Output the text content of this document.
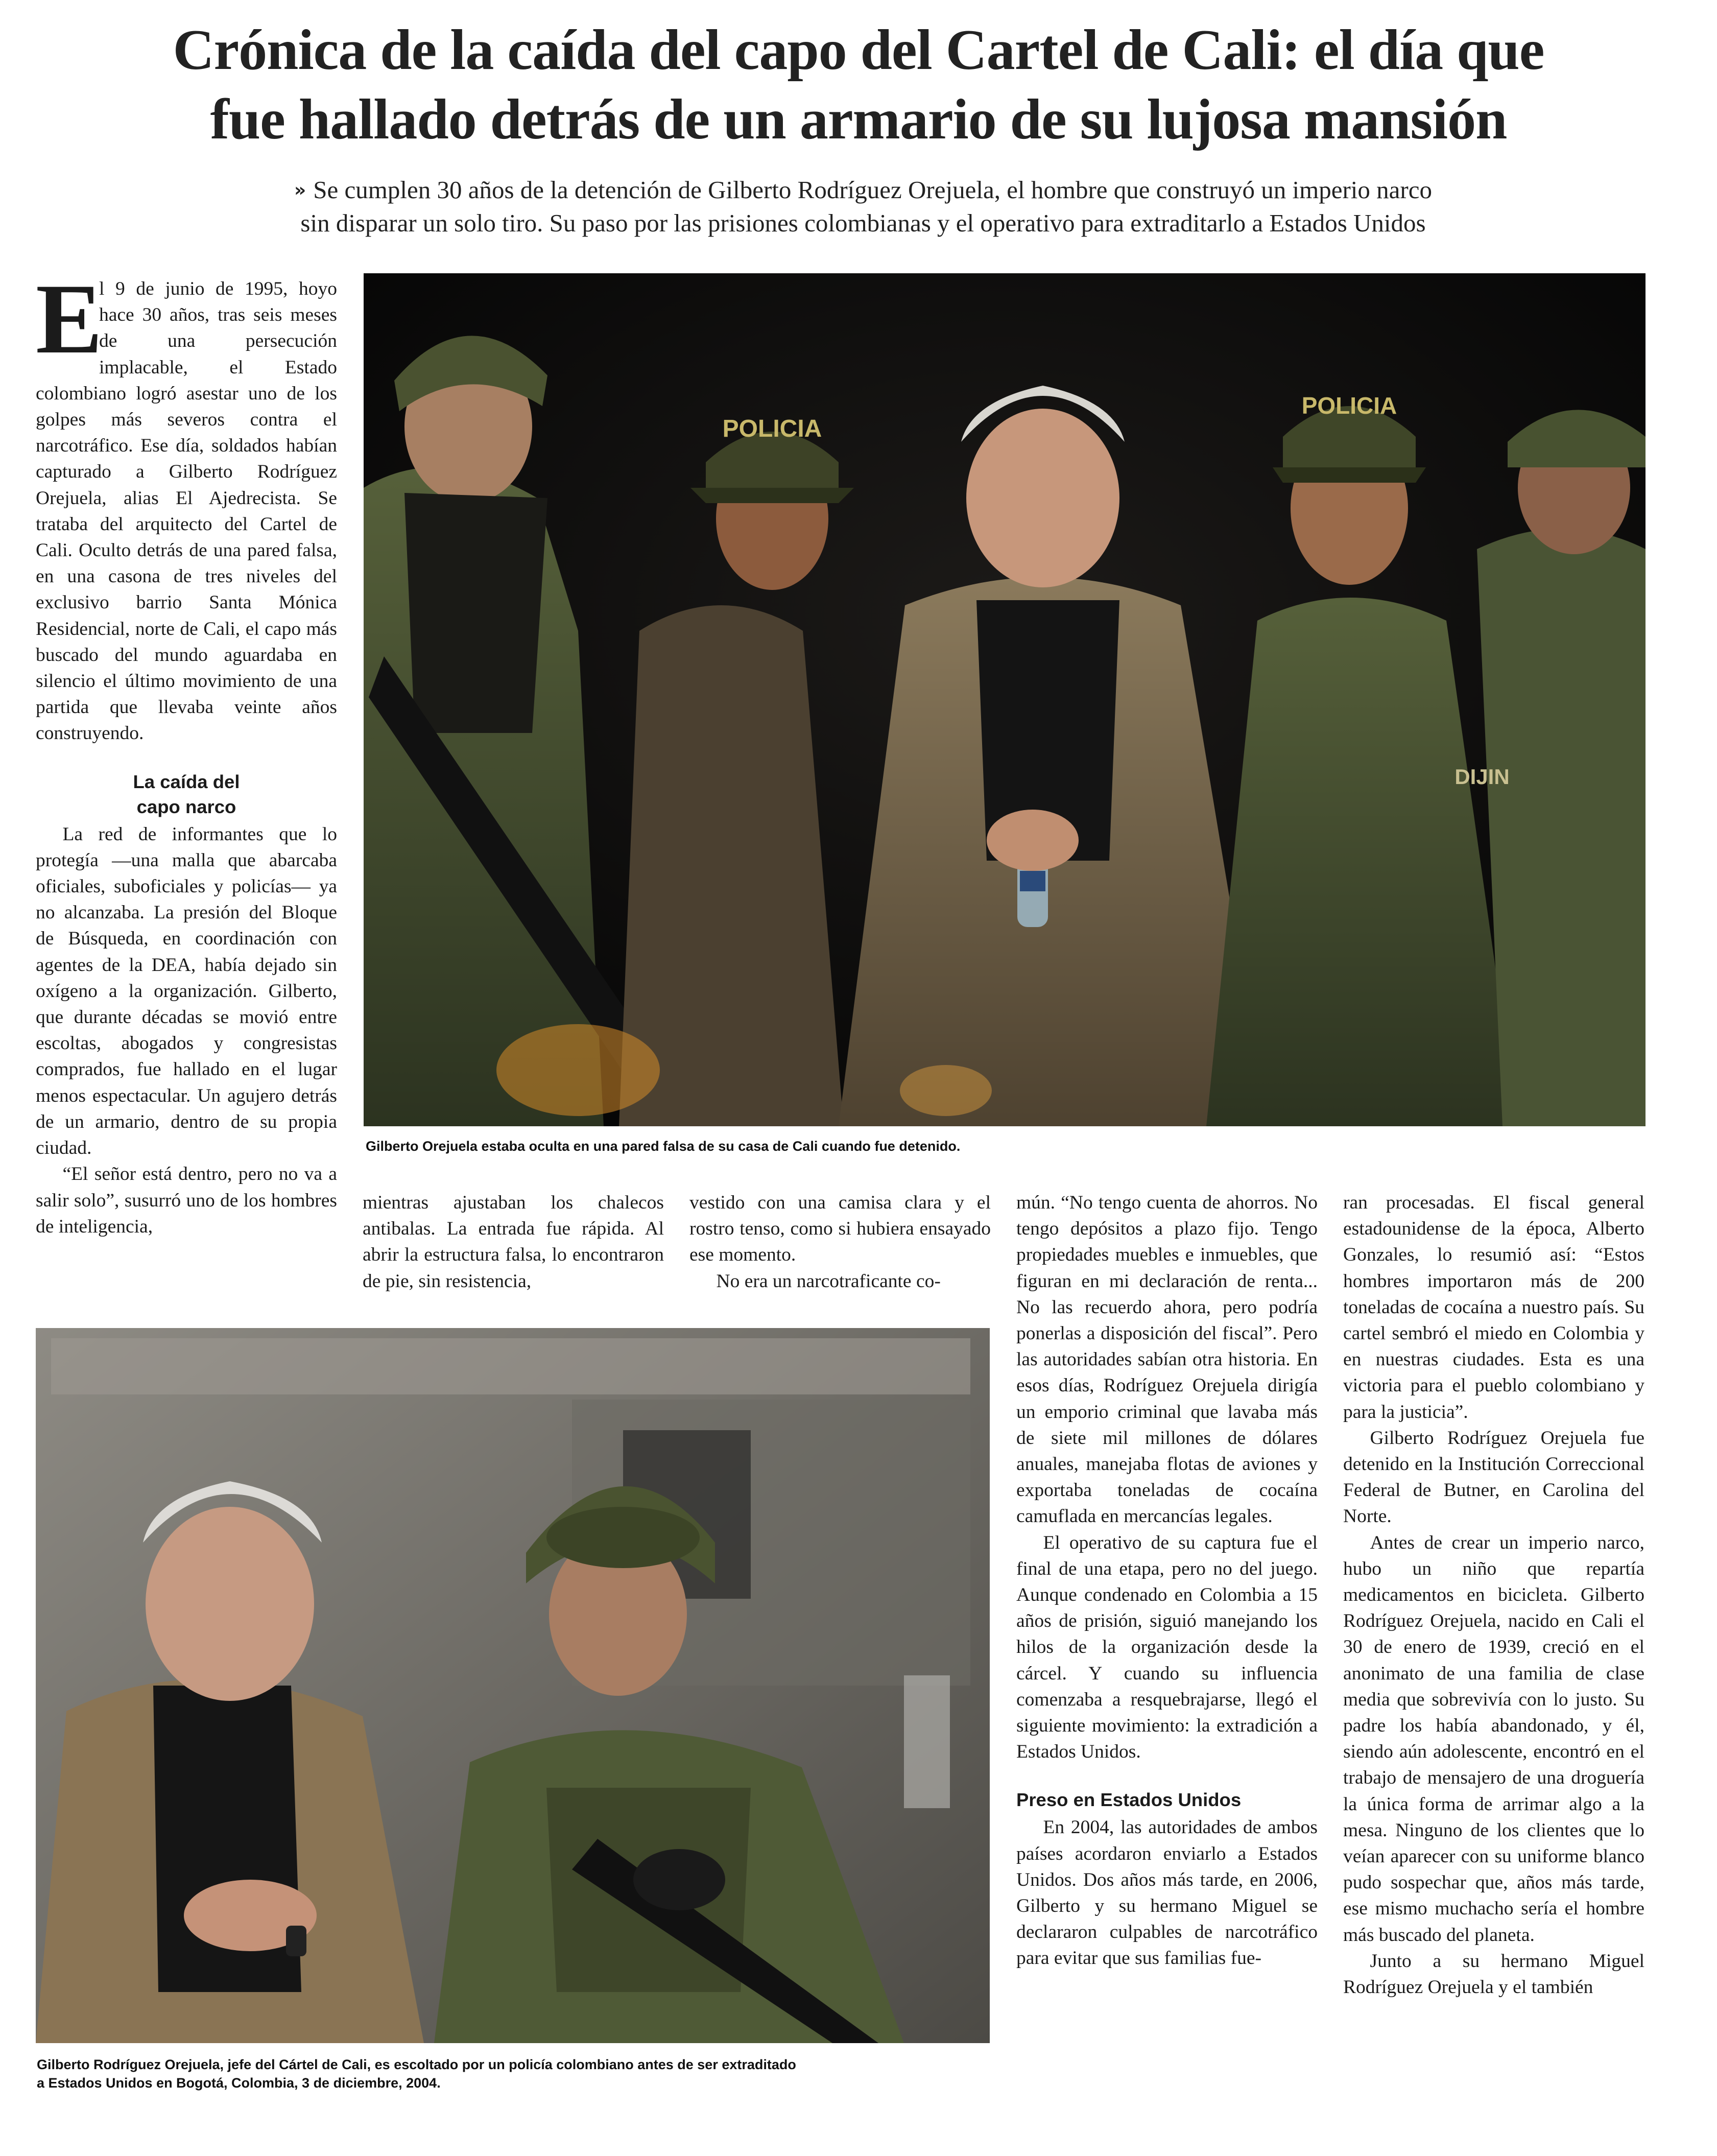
Crónica de la caída del capo del Cartel de Cali: el día que
fue hallado detrás de un armario de su lujosa mansión
» Se cumplen 30 años de la detención de Gilberto Rodríguez Orejuela, el hombre que construyó un imperio narco
sin disparar un solo tiro. Su paso por las prisiones colombianas y el operativo para extraditarlo a Estados Unidos

E
l 9 de junio de 1995, hoyo hace 30 años, tras seis meses de una persecución implacable, el Estado colombiano logró asestar uno de los golpes más severos contra el narcotráfico. Ese día, soldados habían capturado a Gilberto Rodríguez Orejuela, alias El Ajedrecista. Se trataba del arquitecto del Cartel de Cali. Oculto detrás de una pared falsa, en una casona de tres niveles del exclusivo barrio Santa Mónica Residencial, norte de Cali, el capo más buscado del mundo aguardaba en silencio el último movimiento de una partida que llevaba veinte años construyendo.

La caída del
capo narco

La red de informantes que lo protegía —una malla que abarcaba oficiales, suboficiales y policías— ya no alcanzaba. La presión del Bloque de Búsqueda, en coordinación con agentes de la DEA, había dejado sin oxígeno a la organización. Gilberto, que durante décadas se movió entre escoltas, abogados y congresistas comprados, fue hallado en el lugar menos espectacular. Un agujero detrás de un armario, dentro de su propia ciudad.

“El señor está dentro, pero no va a salir solo”, susurró uno de los hombres de inteligencia,

POLICIA
POLICIA
DIJIN
Gilberto Orejuela estaba oculta en una pared falsa de su casa de Cali cuando fue detenido.

mientras ajustaban los chalecos antibalas. La entrada fue rápida. Al abrir la estructura falsa, lo encontraron de pie, sin resistencia,

vestido con una camisa clara y el rostro tenso, como si hubiera ensayado ese momento.

No era un narcotraficante co-

Gilberto Rodríguez Orejuela, jefe del Cártel de Cali, es escoltado por un policía colombiano antes de ser extraditado
a Estados Unidos en Bogotá, Colombia, 3 de diciembre, 2004.

mún. “No tengo cuenta de ahorros. No tengo depósitos a plazo fijo. Tengo propiedades muebles e inmuebles, que figuran en mi declaración de renta... No las recuerdo ahora, pero podría ponerlas a disposición del fiscal”. Pero las autoridades sabían otra historia. En esos días, Rodríguez Orejuela dirigía un emporio criminal que lavaba más de siete mil millones de dólares anuales, manejaba flotas de aviones y exportaba toneladas de cocaína camuflada en mercancías legales.

El operativo de su captura fue el final de una etapa, pero no del juego. Aunque condenado en Colombia a 15 años de prisión, siguió manejando los hilos de la organización desde la cárcel. Y cuando su influencia comenzaba a resquebrajarse, llegó el siguiente movimiento: la extradición a Estados Unidos.

Preso en Estados Unidos

En 2004, las autoridades de ambos países acordaron enviarlo a Estados Unidos. Dos años más tarde, en 2006, Gilberto y su hermano Miguel se declararon culpables de narcotráfico para evitar que sus familias fue-

ran procesadas. El fiscal general estadounidense de la época, Alberto Gonzales, lo resumió así: “Estos hombres importaron más de 200 toneladas de cocaína a nuestro país. Su cartel sembró el miedo en Colombia y en nuestras ciudades. Esta es una victoria para el pueblo colombiano y para la justicia”.

Gilberto Rodríguez Orejuela fue detenido en la Institución Correccional Federal de Butner, en Carolina del Norte.

Antes de crear un imperio narco, hubo un niño que repartía medicamentos en bicicleta. Gilberto Rodríguez Orejuela, nacido en Cali el 30 de enero de 1939, creció en el anonimato de una familia de clase media que sobrevivía con lo justo. Su padre los había abandonado, y él, siendo aún adolescente, encontró en el trabajo de mensajero de una droguería la única forma de arrimar algo a la mesa. Ninguno de los clientes que lo veían aparecer con su uniforme blanco pudo sospechar que, años más tarde, ese mismo muchacho sería el hombre más buscado del planeta.

Junto a su hermano Miguel Rodríguez Orejuela y el también
